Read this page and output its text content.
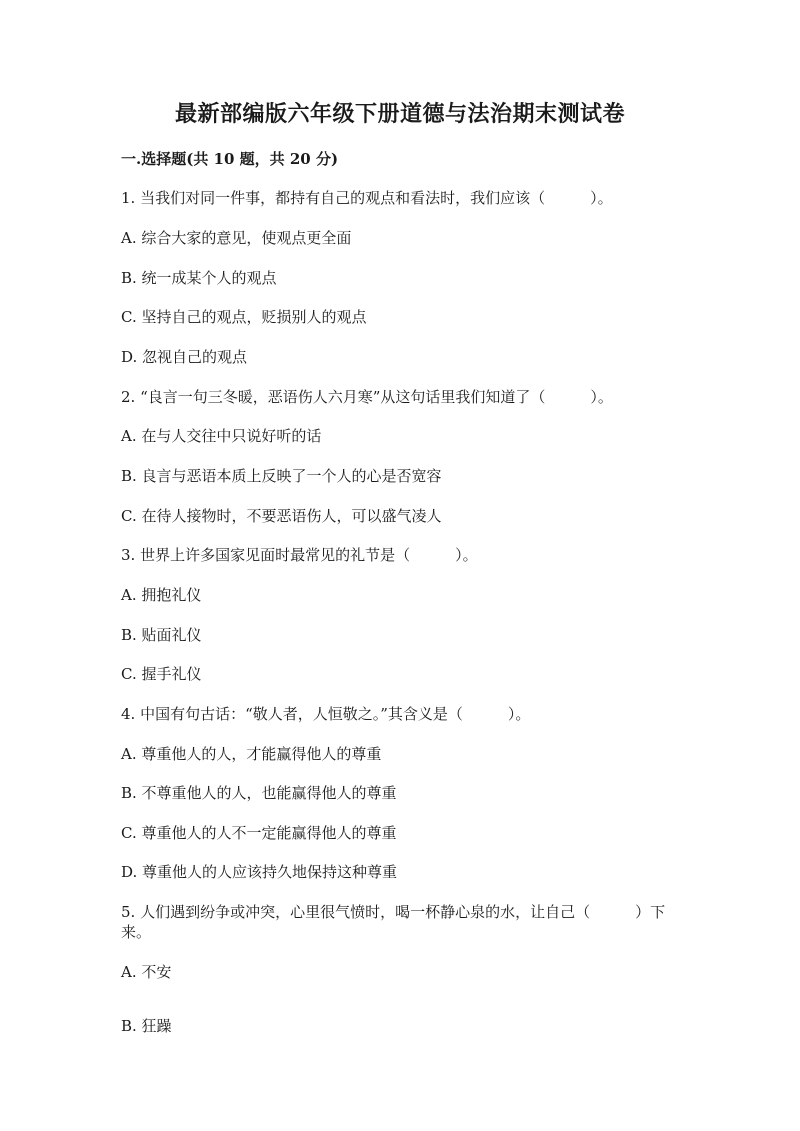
最新部编版六年级下册道德与法治期末测试卷
一.选择题(共 10 题，共 20 分)
1. 当我们对同一件事，都持有自己的观点和看法时，我们应该（　　　）。
A. 综合大家的意见，使观点更全面
B. 统一成某个人的观点
C. 坚持自己的观点，贬损别人的观点
D. 忽视自己的观点
2. “良言一句三冬暖，恶语伤人六月寒”从这句话里我们知道了（　　　）。
A. 在与人交往中只说好听的话
B. 良言与恶语本质上反映了一个人的心是否宽容
C. 在待人接物时，不要恶语伤人，可以盛气凌人
3. 世界上许多国家见面时最常见的礼节是（　　　）。
A. 拥抱礼仪
B. 贴面礼仪
C. 握手礼仪
4. 中国有句古话：“敬人者，人恒敬之。”其含义是（　　　）。
A. 尊重他人的人，才能赢得他人的尊重
B. 不尊重他人的人，也能赢得他人的尊重
C. 尊重他人的人不一定能赢得他人的尊重
D. 尊重他人的人应该持久地保持这种尊重
5. 人们遇到纷争或冲突，心里很气愤时，喝一杯静心泉的水，让自己（　　　）下来。
A. 不安
B. 狂躁
